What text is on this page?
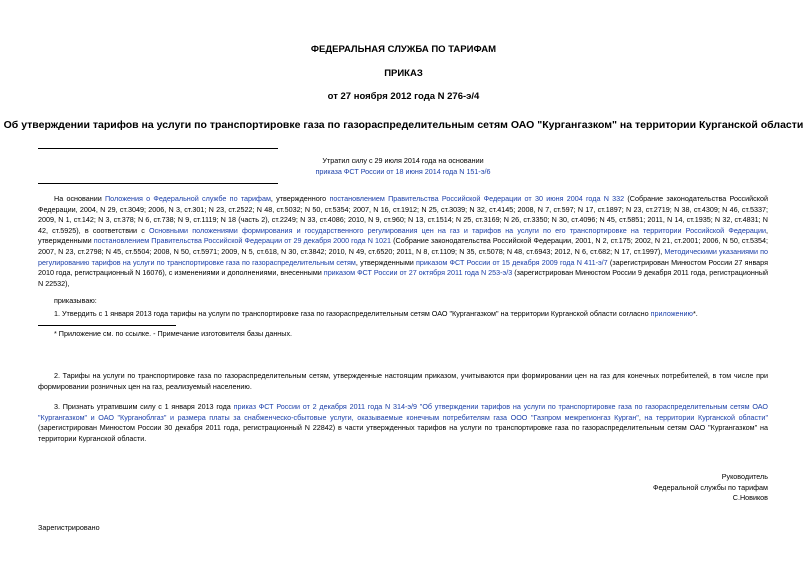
ФЕДЕРАЛЬНАЯ СЛУЖБА ПО ТАРИФАМ
ПРИКАЗ
от 27 ноября 2012 года N 276-э/4
Об утверждении тарифов на услуги по транспортировке газа по газораспределительным сетям ОАО "Кургангазком" на территории Курганской области
Утратил силу с 29 июля 2014 года на основании
приказа ФСТ России от 18 июня 2014 года N 151-э/6
На основании Положения о Федеральной службе по тарифам, утвержденного постановлением Правительства Российской Федерации от 30 июня 2004 года N 332 (Собрание законодательства Российской Федерации, 2004, N 29, ст.3049; 2006, N 3, ст.301; N 23, ст.2522; N 48, ст.5032; N 50, ст.5354; 2007, N 16, ст.1912; N 25, ст.3039; N 32, ст.4145; 2008, N 7, ст.597; N 17, ст.1897; N 23, ст.2719; N 38, ст.4309; N 46, ст.5337; 2009, N 1, ст.142; N 3, ст.378; N 6, ст.738; N 9, ст.1119; N 18 (часть 2), ст.2249; N 33, ст.4086; 2010, N 9, ст.960; N 13, ст.1514; N 25, ст.3169; N 26, ст.3350; N 30, ст.4096; N 45, ст.5851; 2011, N 14, ст.1935; N 32, ст.4831; N 42, ст.5925), в соответствии с Основными положениями формирования и государственного регулирования цен на газ и тарифов на услуги по его транспортировке на территории Российской Федерации, утвержденными постановлением Правительства Российской Федерации от 29 декабря 2000 года N 1021 (Собрание законодательства Российской Федерации, 2001, N 2, ст.175; 2002, N 21, ст.2001; 2006, N 50, ст.5354; 2007, N 23, ст.2798; N 45, ст.5504; 2008, N 50, ст.5971; 2009, N 5, ст.618, N 30, ст.3842; 2010, N 49, ст.6520; 2011, N 8, ст.1109; N 35, ст.5078; N 48, ст.6943; 2012, N 6, ст.682; N 17, ст.1997), Методическими указаниями по регулированию тарифов на услуги по транспортировке газа по газораспределительным сетям, утвержденными приказом ФСТ России от 15 декабря 2009 года N 411-э/7 (зарегистрирован Минюстом России 27 января 2010 года, регистрационный N 16076), с изменениями и дополнениями, внесенными приказом ФСТ России от 27 октября 2011 года N 253-э/3 (зарегистрирован Минюстом России 9 декабря 2011 года, регистрационный N 22532),
приказываю:
1. Утвердить с 1 января 2013 года тарифы на услуги по транспортировке газа по газораспределительным сетям ОАО "Кургангазком" на территории Курганской области согласно приложению*.
* Приложение см. по ссылке. - Примечание изготовителя базы данных.
2. Тарифы на услуги по транспортировке газа по газораспределительным сетям, утвержденные настоящим приказом, учитываются при формировании цен на газ для конечных потребителей, в том числе при формировании розничных цен на газ, реализуемый населению.
3. Признать утратившим силу с 1 января 2013 года приказ ФСТ России от 2 декабря 2011 года N 314-э/9 "Об утверждении тарифов на услуги по транспортировке газа по газораспределительным сетям ОАО "Кургангазком" и ОАО "Курганоблгаз" и размера платы за снабженческо-сбытовые услуги, оказываемые конечным потребителям газа ООО "Газпром межрегионгаз Курган", на территории Курганской области" (зарегистрирован Минюстом России 30 декабря 2011 года, регистрационный N 22842) в части утвержденных тарифов на услуги по транспортировке газа по газораспределительным сетям ОАО "Кургангазком" на территории Курганской области.
Руководитель
Федеральной службы по тарифам
С.Новиков
Зарегистрировано
